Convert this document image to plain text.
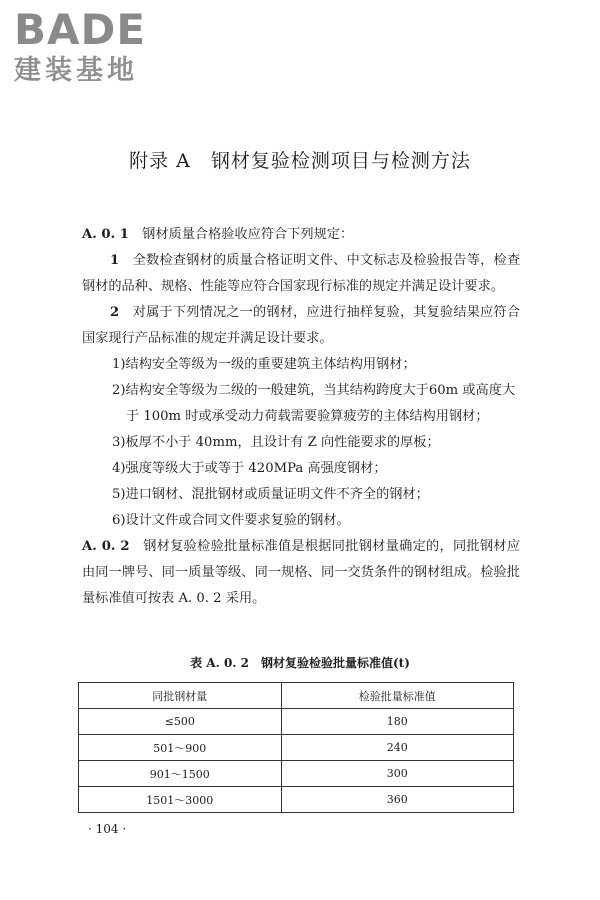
BADE
建装基地
附录 A　钢材复验检测项目与检测方法

A. 0. 1　 钢材质量合格验收应符合下列规定：

1　 全数检查钢材的质量合格证明文件、中文标志及检验报告等，检查钢材的品种、规格、性能等应符合国家现行标准的规定并满足设计要求。

2　 对属于下列情况之一的钢材，应进行抽样复验，其复验结果应符合国家现行产品标准的规定并满足设计要求。

1)结构安全等级为一级的重要建筑主体结构用钢材；

2)结构安全等级为二级的一般建筑，当其结构跨度大于60m 或高度大于 100m 时或承受动力荷载需要验算疲劳的主体结构用钢材；

3)板厚不小于 40mm，且设计有 Z 向性能要求的厚板；

4)强度等级大于或等于 420MPa 高强度钢材；

5)进口钢材、混批钢材或质量证明文件不齐全的钢材；

6)设计文件或合同文件要求复验的钢材。

A. 0. 2　 钢材复验检验批量标准值是根据同批钢材量确定的，同批钢材应由同一牌号、同一质量等级、同一规格、同一交货条件的钢材组成。检验批量标准值可按表 A. 0. 2 采用。

表 A. 0. 2　钢材复验检验批量标准值(t)
同批钢材量	检验批量标准值
≤500	180
501～900	240
901～1500	300
1501～3000	360
· 104 ·
